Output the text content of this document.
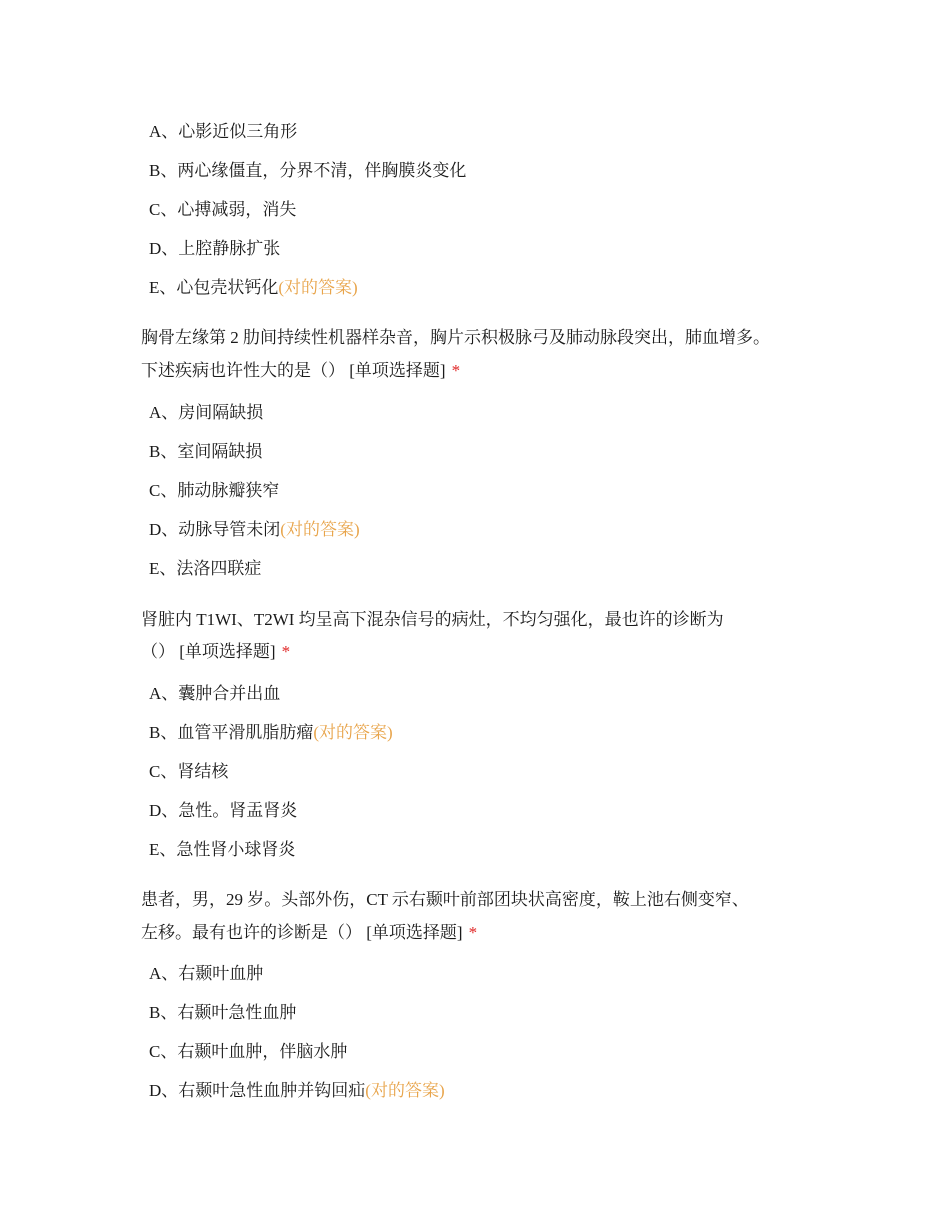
A、心影近似三角形
B、两心缘僵直，分界不清，伴胸膜炎变化
C、心搏减弱，消失
D、上腔静脉扩张
E、心包壳状钙化(对的答案)
胸骨左缘第 2 肋间持续性机器样杂音，胸片示积极脉弓及肺动脉段突出，肺血增多。
下述疾病也许性大的是（） [单项选择题] *
A、房间隔缺损
B、室间隔缺损
C、肺动脉瓣狭窄
D、动脉导管未闭(对的答案)
E、法洛四联症
肾脏内 T1WI、T2WI 均呈高下混杂信号的病灶，不均匀强化，最也许的诊断为
（） [单项选择题] *
A、囊肿合并出血
B、血管平滑肌脂肪瘤(对的答案)
C、肾结核
D、急性。肾盂肾炎
E、急性肾小球肾炎
患者，男，29 岁。头部外伤，CT 示右颞叶前部团块状高密度，鞍上池右侧变窄、
左移。最有也许的诊断是（） [单项选择题] *
A、右颞叶血肿
B、右颞叶急性血肿
C、右颞叶血肿，伴脑水肿
D、右颞叶急性血肿并钩回疝(对的答案)
